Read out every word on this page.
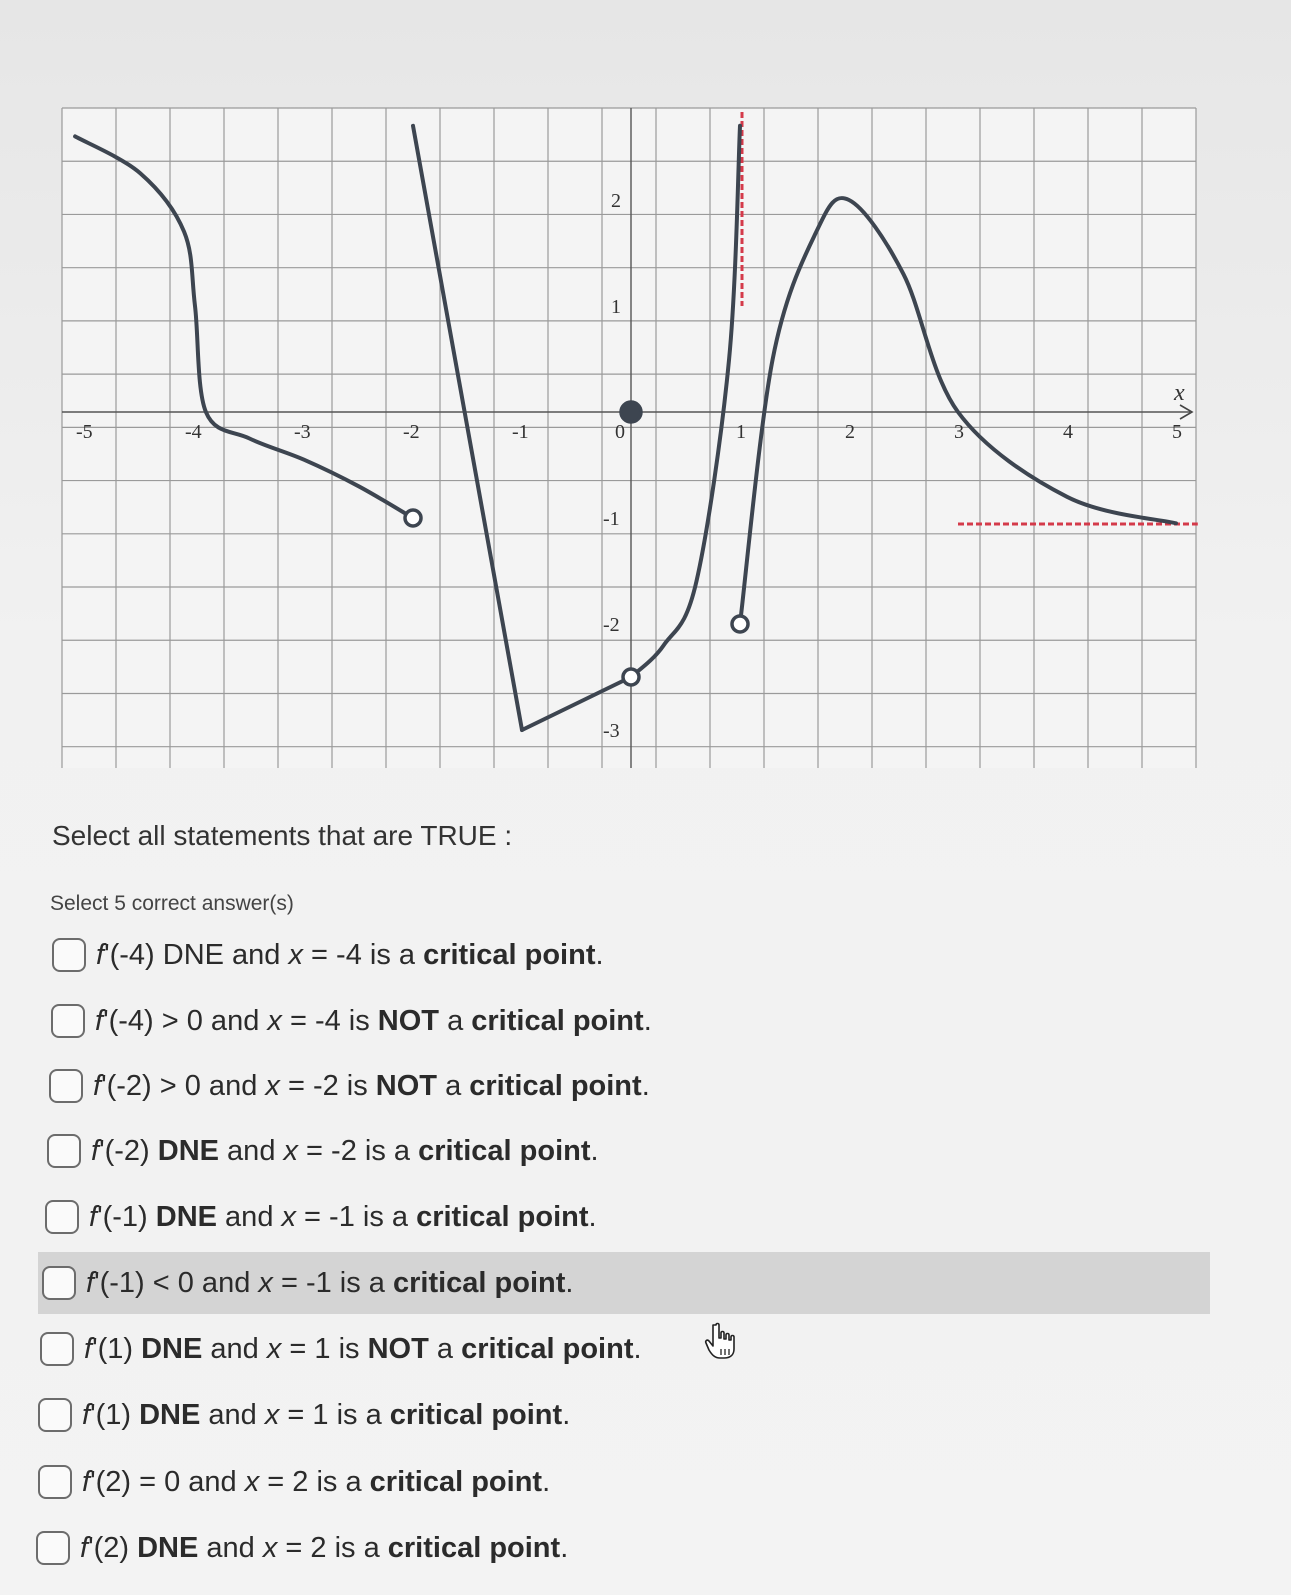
-5	-4	-3	-2	-1	0	1	2	3	4	5
2
1
-1
-2
-3
x
Select all statements that are TRUE :
Select 5 correct answer(s)
f'(-4) DNE and x = -4 is a critical point.
f'(-4) > 0 and x = -4 is NOT a critical point.
f'(-2) > 0 and x = -2 is NOT a critical point.
f'(-2) DNE and x = -2 is a critical point.
f'(-1) DNE and x = -1 is a critical point.
f'(-1) < 0 and x = -1 is a critical point.
f'(1) DNE and x = 1 is NOT a critical point.
f'(1) DNE and x = 1 is a critical point.
f'(2) = 0 and x = 2 is a critical point.
f'(2) DNE and x = 2 is a critical point.
